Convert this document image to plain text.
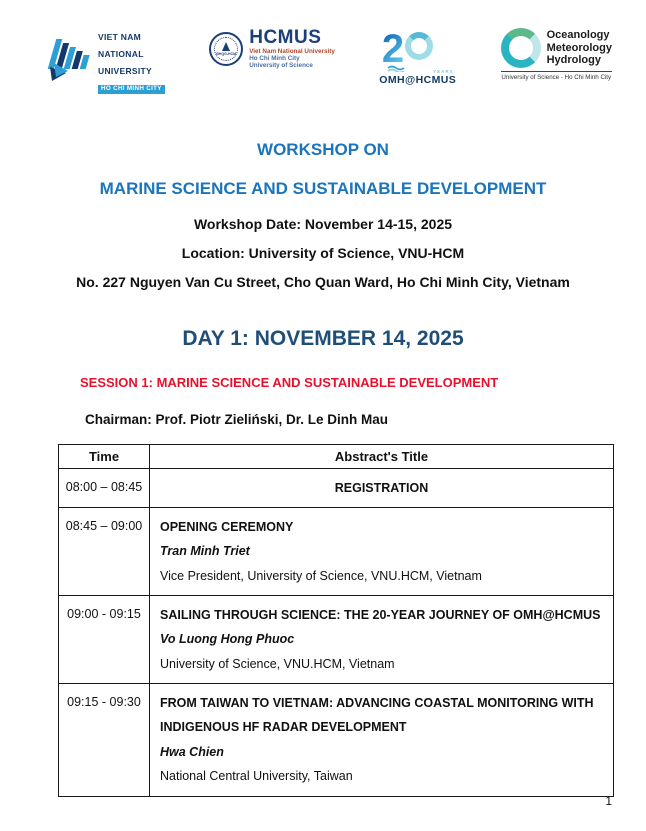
VIET NAM
NATIONAL
UNIVERSITY
HO CHI MINH CITY
ĐHQG-HCM
HCMUS
Viet Nam National University
Ho Chi Minh City
University of Science	2
YEARS
OMH@HCMUS
Oceanology
Meteorology
Hydrology
University of Science - Ho Chi Minh City
WORKSHOP ON
MARINE SCIENCE AND SUSTAINABLE DEVELOPMENT
Workshop Date: November 14-15, 2025
Location: University of Science, VNU-HCM
No. 227 Nguyen Van Cu Street, Cho Quan Ward, Ho Chi Minh City, Vietnam
DAY 1: NOVEMBER 14, 2025
SESSION 1: MARINE SCIENCE AND SUSTAINABLE DEVELOPMENT
Chairman: Prof. Piotr Zieliński, Dr. Le Dinh Mau
Time	Abstract's Title
08:00 – 08:45	REGISTRATION

08:45 – 09:00	OPENING CEREMONY
Tran Minh Triet
Vice President, University of Science, VNU.HCM, Vietnam

09:00 - 09:15	SAILING THROUGH SCIENCE: THE 20-YEAR JOURNEY OF OMH@HCMUS
Vo Luong Hong Phuoc
University of Science, VNU.HCM, Vietnam

09:15 - 09:30	FROM TAIWAN TO VIETNAM: ADVANCING COASTAL MONITORING WITH INDIGENOUS HF RADAR DEVELOPMENT
Hwa Chien
National Central University, Taiwan
1
